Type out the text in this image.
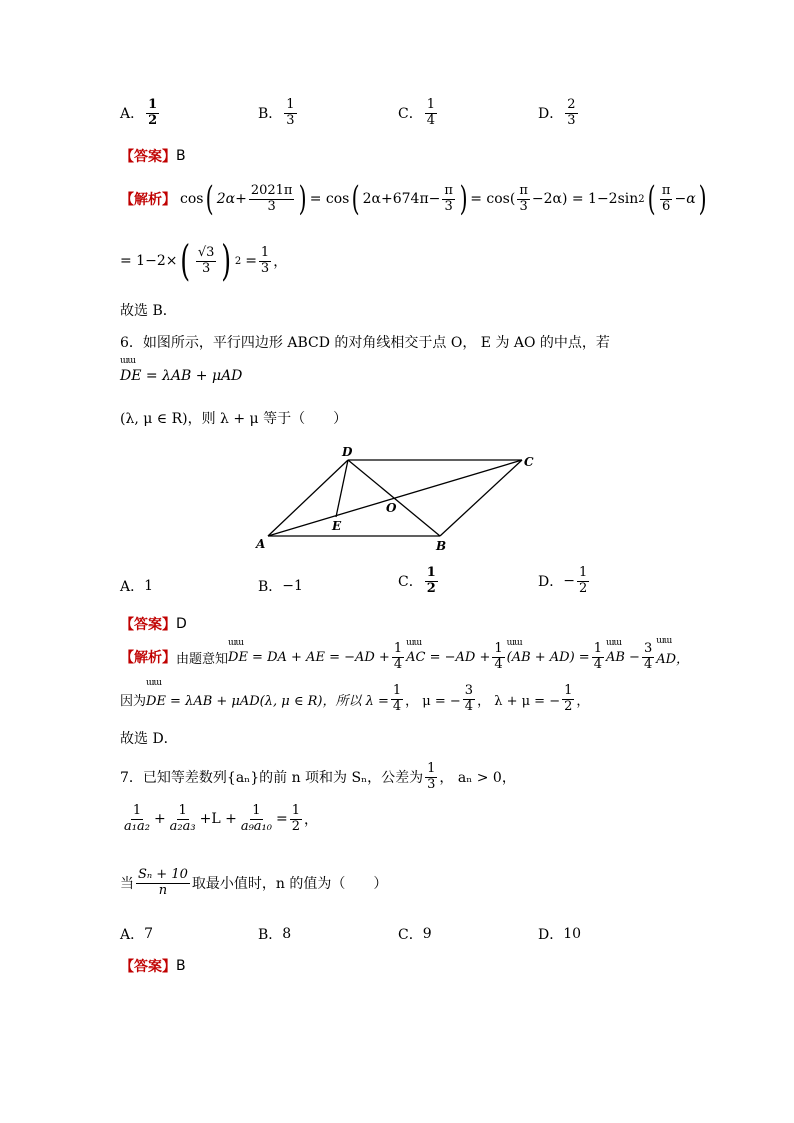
A． $\frac{1}{2}$	B． $\frac{1}{3}$	C． $\frac{1}{4}$	D． $\frac{2}{3}$
【答案】 B
【解析】 cos ( $2\alpha+ \frac{2021\pi}{3}$ ) = cos ( $2\alpha+674\pi- \frac{\pi}{3}$ ) = $\cos( \frac{\pi}{3} -2\alpha) = 1-2\sin$ 2 ( $\frac{\pi}{6} -\alpha$ )
= 1−2× ( $\frac{√3}{3}$ ) $2 = \frac{1}{3}$ ，
故选 B．
6．如图所示，平行四边形 ABCD 的对角线相交于点 O， E 为 AO 的中点，若
ɯɯ DE = λAB + μAD
(λ, μ ∈ R)，则 λ + μ 等于（　　）
A	B
C
D
E
O
A． 1	B． −1	C． $\frac{1}{2}$	D． − $\frac{1}{2}$
【答案】 D
【解析】 由题意知 ɯɯ DE = DA + AE = $-AD + \frac{1}{4}$ ɯɯ AC = $-AD + \frac{1}{4}$ ɯɯ $(AB + AD) = \frac{1}{4}$ ɯɯ AB − $\frac{3}{4}$ ɯɯ AD，
因为 ɯɯ DE = λAB + μAD(λ, μ ∈ R)，所以 $\lambda = \frac{1}{4}$ ， μ = − $\frac{3}{4}$ ， λ + μ = − $\frac{1}{2}$ ，
故选 D．
7．已知等差数列{aₙ}的前 n 项和为 Sₙ，公差为 $\frac{1}{3}$ ， aₙ > 0，
$\frac{1}{\text{a₁a₂}} + \frac{1}{\text{a₂a₃}} +L + \frac{1}{\text{a₉a₁₀}} = \frac{1}{2}$ ，
当 $\frac{\text{Sₙ + 10}}{n}$ 取最小值时，n 的值为（　　）
A． 7	B． 8	C． 9	D． 10
【答案】 B
